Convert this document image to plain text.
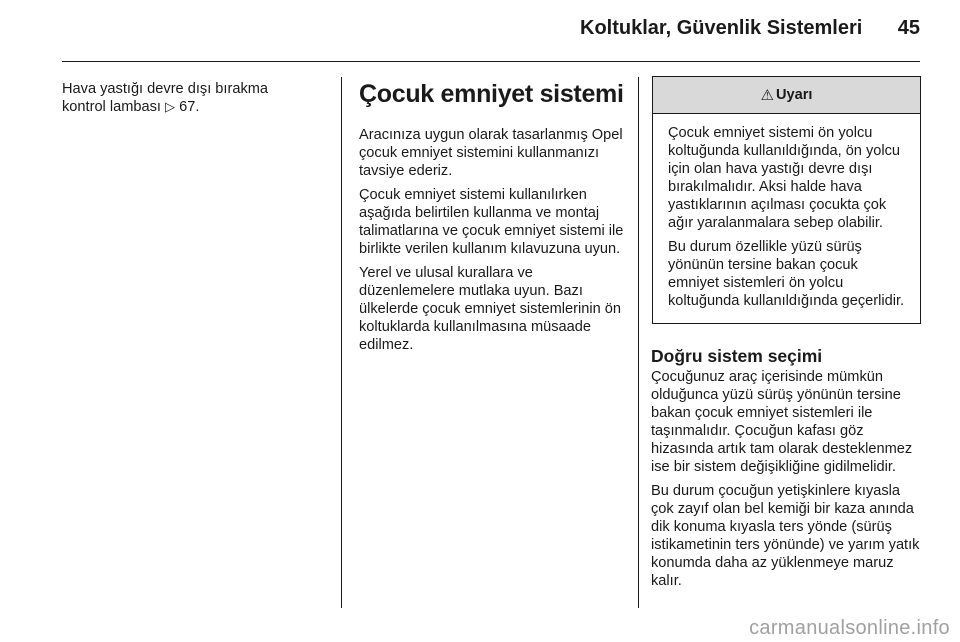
Koltuklar, Güvenlik Sistemleri 45

Hava yastığı devre dışı bırakma
kontrol lambası ▷ 67.	Çocuk emniyet sistemi

Aracınıza uygun olarak tasarlanmış Opel çocuk emniyet sistemini kullanmanızı tavsiye ederiz.

Çocuk emniyet sistemi kullanılırken aşağıda belirtilen kullanma ve montaj talimatlarına ve çocuk emniyet sistemi ile birlikte verilen kullanım kılavuzuna uyun.

Yerel ve ulusal kurallara ve düzenlemelere mutlaka uyun. Bazı ülkelerde çocuk emniyet sistemlerinin ön koltuklarda kullanılmasına müsaade edilmez.

⚠ Uyarı

Çocuk emniyet sistemi ön yolcu koltuğunda kullanıldığında, ön yolcu için olan hava yastığı devre dışı bırakılmalıdır. Aksi halde hava yastıklarının açılması çocukta çok ağır yaralanmalara sebep olabilir.

Bu durum özellikle yüzü sürüş yönünün tersine bakan çocuk emniyet sistemleri ön yolcu koltuğunda kullanıldığında geçerlidir.

Doğru sistem seçimi

Çocuğunuz araç içerisinde mümkün olduğunca yüzü sürüş yönünün tersine bakan çocuk emniyet sistemleri ile taşınmalıdır. Çocuğun kafası göz hizasında artık tam olarak desteklenmez ise bir sistem değişikliğine gidilmelidir.

Bu durum çocuğun yetişkinlere kıyasla çok zayıf olan bel kemiği bir kaza anında dik konuma kıyasla ters yönde (sürüş istikametinin ters yönünde) ve yarım yatık konumda daha az yüklenmeye maruz kalır.

carmanualsonline.info
